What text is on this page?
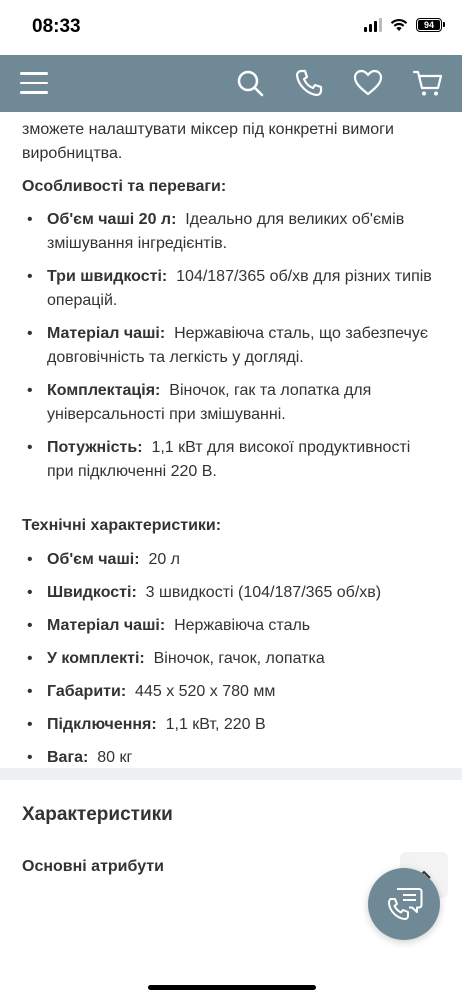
08:33	94
зможете налаштувати міксер під конкретні вимоги виробництва.
Особливості та переваги:
• Об'єм чаші 20 л: Ідеально для великих об'ємів змішування інгредієнтів.
• Три швидкості: 104/187/365 об/хв для різних типів операцій.
• Матеріал чаші: Нержавіюча сталь, що забезпечує довговічність та легкість у догляді.
• Комплектація: Віночок, гак та лопатка для універсальності при змішуванні.
• Потужність: 1,1 кВт для високої продуктивності при підключенні 220 В.
Технічні характеристики:
• Об'єм чаші: 20 л
• Швидкості: 3 швидкості (104/187/365 об/хв)
• Матеріал чаші: Нержавіюча сталь
• У комплекті: Віночок, гачок, лопатка
• Габарити: 445 x 520 x 780 мм
• Підключення: 1,1 кВт, 220 В
• Вага: 80 кг
Характеристики
Основні атрибути
